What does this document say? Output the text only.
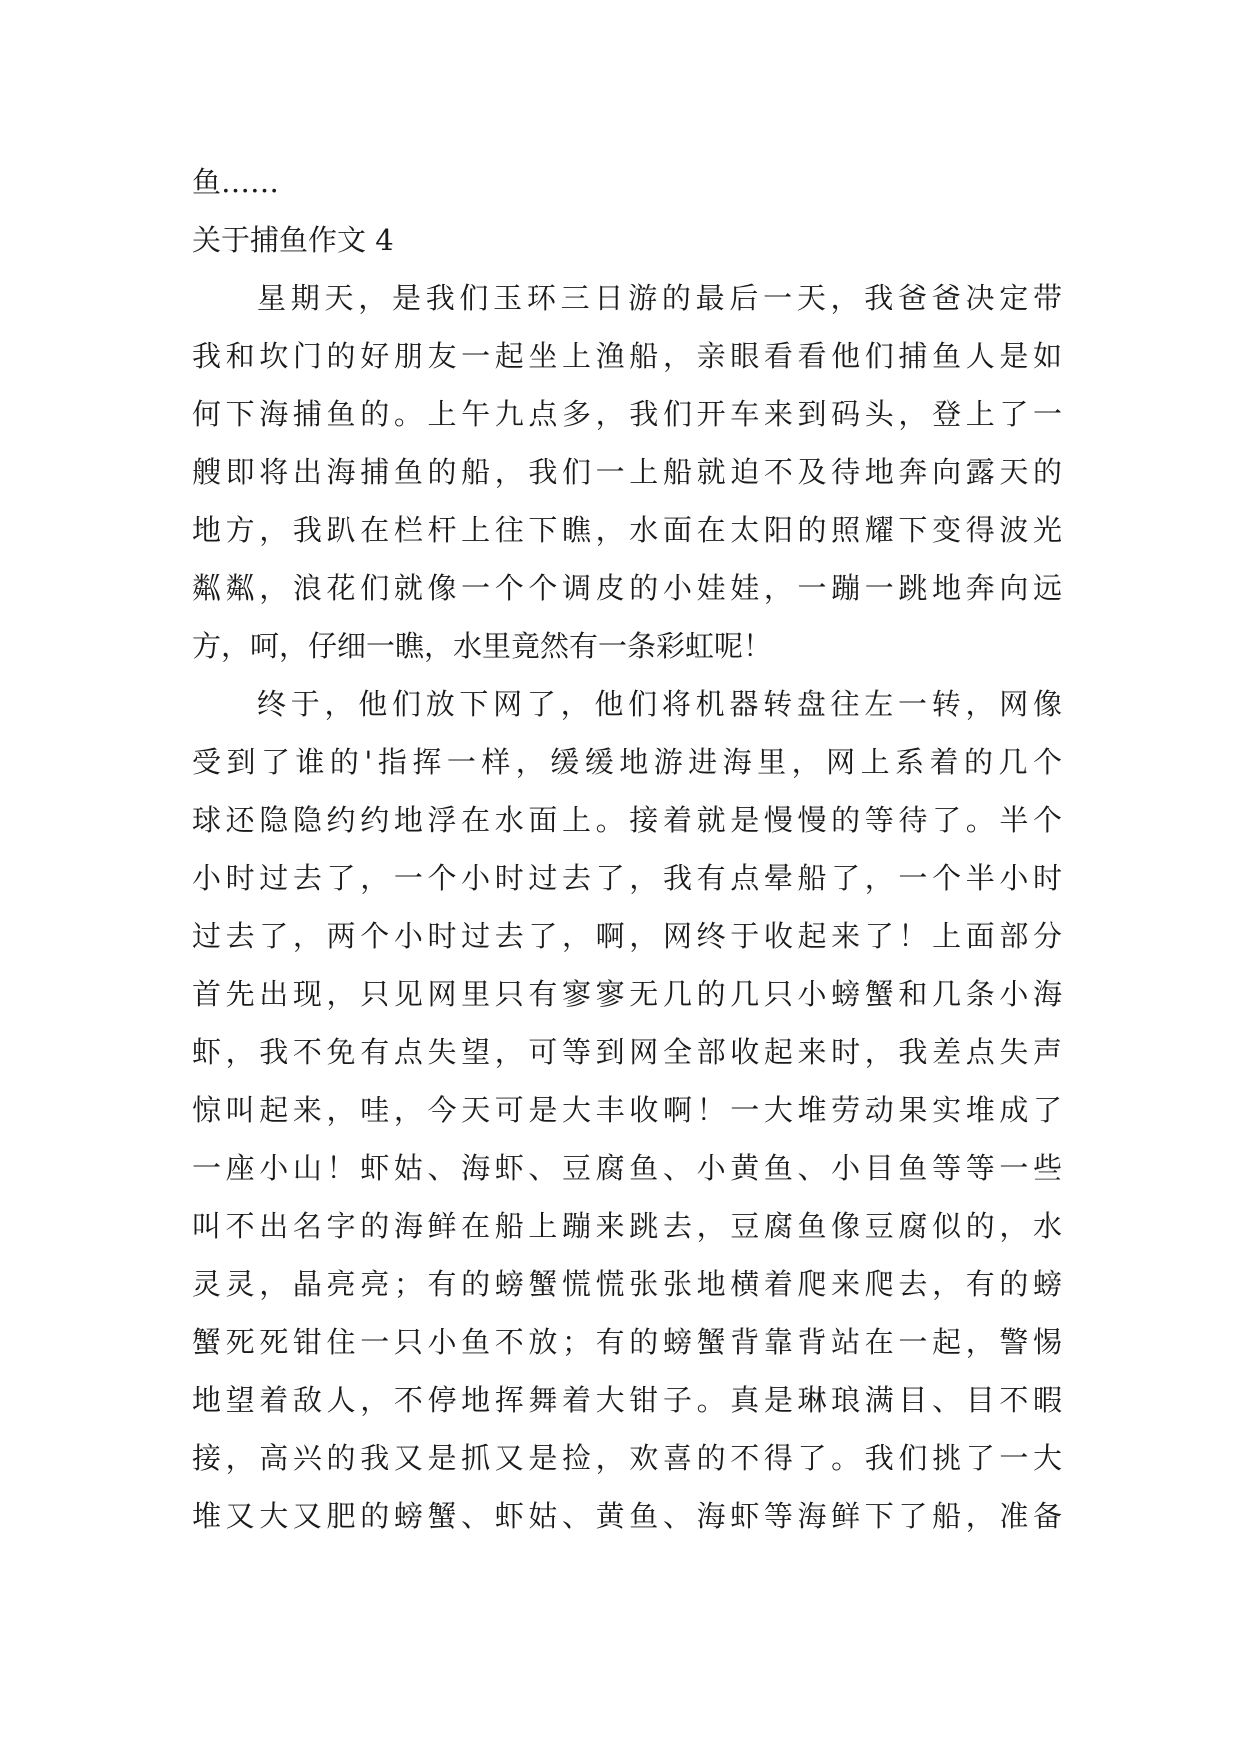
鱼……
关于捕鱼作文 4
星期天，是我们玉环三日游的最后一天，我爸爸决定带
我和坎门的好朋友一起坐上渔船，亲眼看看他们捕鱼人是如
何下海捕鱼的。上午九点多，我们开车来到码头，登上了一
艘即将出海捕鱼的船，我们一上船就迫不及待地奔向露天的
地方，我趴在栏杆上往下瞧，水面在太阳的照耀下变得波光
粼粼，浪花们就像一个个调皮的小娃娃，一蹦一跳地奔向远
方，呵，仔细一瞧，水里竟然有一条彩虹呢！
终于，他们放下网了，他们将机器转盘往左一转，网像
受到了谁的'指挥一样，缓缓地游进海里，网上系着的几个
球还隐隐约约地浮在水面上。接着就是慢慢的等待了。半个
小时过去了，一个小时过去了，我有点晕船了，一个半小时
过去了，两个小时过去了，啊，网终于收起来了！上面部分
首先出现，只见网里只有寥寥无几的几只小螃蟹和几条小海
虾，我不免有点失望，可等到网全部收起来时，我差点失声
惊叫起来，哇，今天可是大丰收啊！一大堆劳动果实堆成了
一座小山！虾姑、海虾、豆腐鱼、小黄鱼、小目鱼等等一些
叫不出名字的海鲜在船上蹦来跳去，豆腐鱼像豆腐似的，水
灵灵，晶亮亮；有的螃蟹慌慌张张地横着爬来爬去，有的螃
蟹死死钳住一只小鱼不放；有的螃蟹背靠背站在一起，警惕
地望着敌人，不停地挥舞着大钳子。真是琳琅满目、目不暇
接，高兴的我又是抓又是捡，欢喜的不得了。我们挑了一大
堆又大又肥的螃蟹、虾姑、黄鱼、海虾等海鲜下了船，准备
